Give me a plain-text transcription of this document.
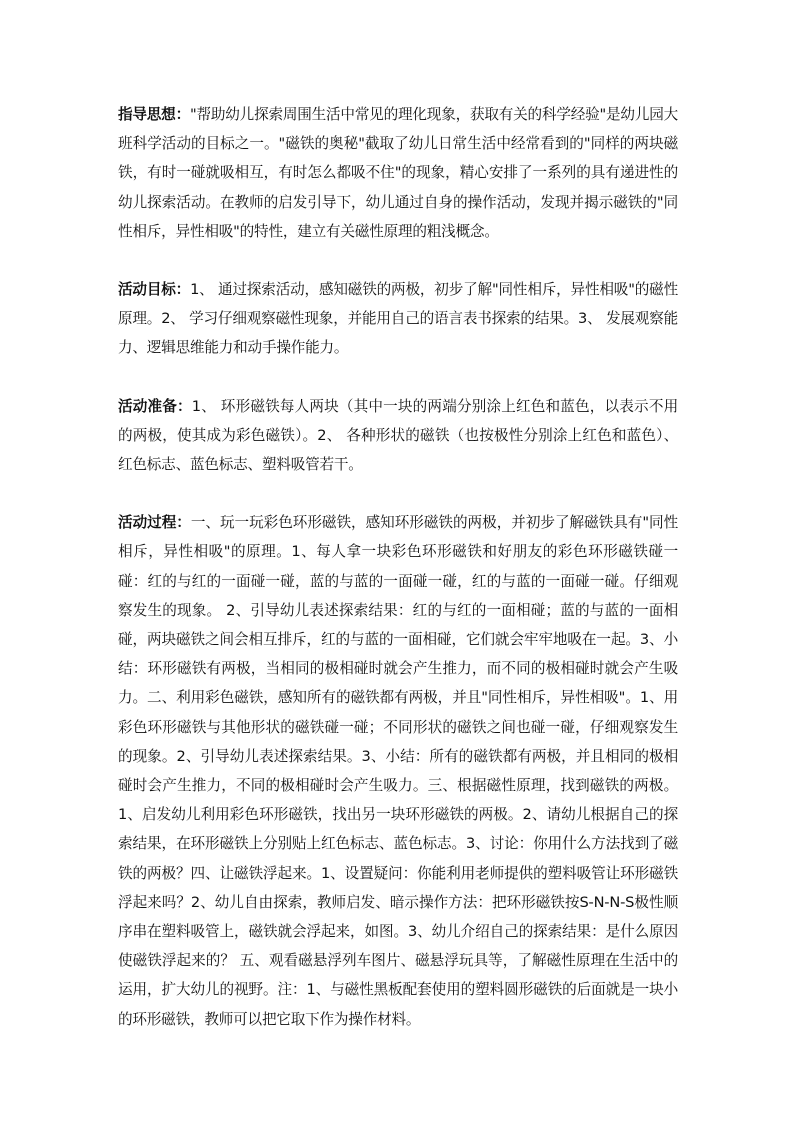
指导思想："帮助幼儿探索周围生活中常见的理化现象，获取有关的科学经验"是幼儿园大班科学活动的目标之一。"磁铁的奥秘"截取了幼儿日常生活中经常看到的"同样的两块磁铁，有时一碰就吸相互，有时怎么都吸不住"的现象，精心安排了一系列的具有递进性的幼儿探索活动。在教师的启发引导下，幼儿通过自身的操作活动，发现并揭示磁铁的"同性相斥，异性相吸"的特性，建立有关磁性原理的粗浅概念。

活动目标：1、 通过探索活动，感知磁铁的两极，初步了解"同性相斥，异性相吸"的磁性原理。2、 学习仔细观察磁性现象，并能用自己的语言表书探索的结果。3、 发展观察能力、逻辑思维能力和动手操作能力。

活动准备：1、 环形磁铁每人两块（其中一块的两端分别涂上红色和蓝色，以表示不用的两极，使其成为彩色磁铁）。2、 各种形状的磁铁（也按极性分别涂上红色和蓝色）、红色标志、蓝色标志、塑料吸管若干。

活动过程：一、玩一玩彩色环形磁铁，感知环形磁铁的两极，并初步了解磁铁具有"同性相斥，异性相吸"的原理。1、每人拿一块彩色环形磁铁和好朋友的彩色环形磁铁碰一碰：红的与红的一面碰一碰，蓝的与蓝的一面碰一碰，红的与蓝的一面碰一碰。仔细观察发生的现象。 2、引导幼儿表述探索结果：红的与红的一面相碰；蓝的与蓝的一面相碰，两块磁铁之间会相互排斥，红的与蓝的一面相碰，它们就会牢牢地吸在一起。3、小结：环形磁铁有两极，当相同的极相碰时就会产生推力，而不同的极相碰时就会产生吸力。二、利用彩色磁铁，感知所有的磁铁都有两极，并且"同性相斥，异性相吸"。1、用彩色环形磁铁与其他形状的磁铁碰一碰；不同形状的磁铁之间也碰一碰，仔细观察发生的现象。2、引导幼儿表述探索结果。3、小结：所有的磁铁都有两极，并且相同的极相碰时会产生推力，不同的极相碰时会产生吸力。三、根据磁性原理，找到磁铁的两极。1、启发幼儿利用彩色环形磁铁，找出另一块环形磁铁的两极。2、请幼儿根据自己的探索结果，在环形磁铁上分别贴上红色标志、蓝色标志。3、讨论：你用什么方法找到了磁铁的两极？四、让磁铁浮起来。1、设置疑问：你能利用老师提供的塑料吸管让环形磁铁浮起来吗？2、幼儿自由探索，教师启发、暗示操作方法：把环形磁铁按S-N-N-S极性顺序串在塑料吸管上，磁铁就会浮起来，如图。3、幼儿介绍自己的探索结果：是什么原因使磁铁浮起来的？ 五、观看磁悬浮列车图片、磁悬浮玩具等，了解磁性原理在生活中的运用，扩大幼儿的视野。注：1、与磁性黑板配套使用的塑料圆形磁铁的后面就是一块小的环形磁铁，教师可以把它取下作为操作材料。
